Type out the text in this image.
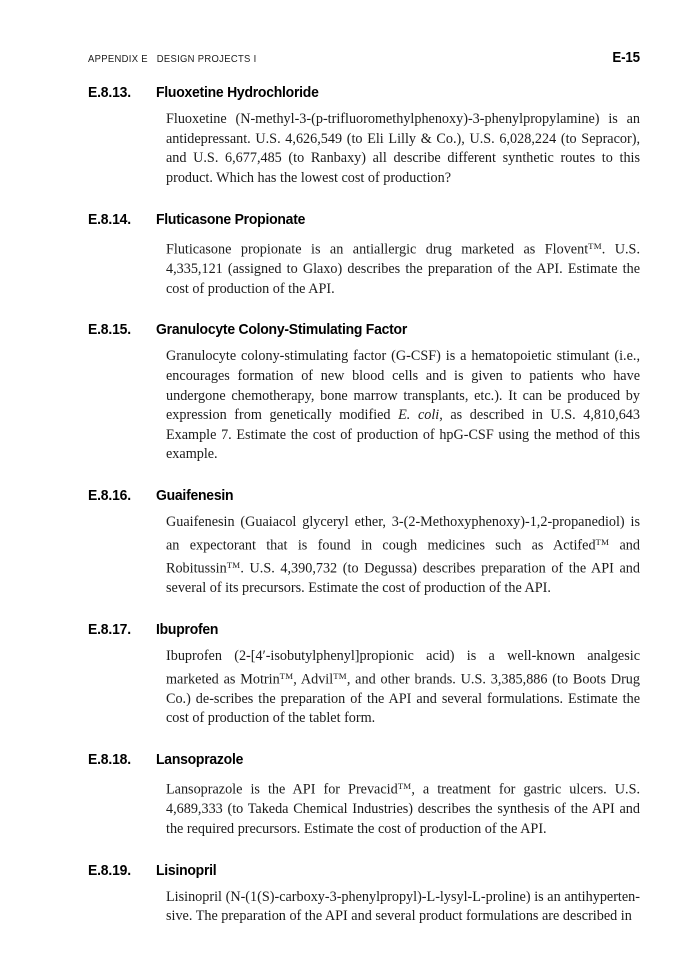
APPENDIX E   DESIGN PROJECTS I	E-15
E.8.13.	Fluoxetine Hydrochloride

Fluoxetine (N-methyl-3-(p-trifluoromethylphenoxy)-3-phenylpropylamine) is an antidepressant. U.S. 4,626,549 (to Eli Lilly & Co.), U.S. 6,028,224 (to Sepracor), and U.S. 6,677,485 (to Ranbaxy) all describe different synthetic routes to this product. Which has the lowest cost of production?

E.8.14.	Fluticasone Propionate

Fluticasone propionate is an antiallergic drug marketed as Flovent™. U.S. 4,335,121 (assigned to Glaxo) describes the preparation of the API. Estimate the cost of production of the API.

E.8.15.	Granulocyte Colony-Stimulating Factor

Granulocyte colony-stimulating factor (G-CSF) is a hematopoietic stimulant (i.e., encourages formation of new blood cells and is given to patients who have undergone chemotherapy, bone marrow transplants, etc.). It can be produced by expression from genetically modified E. coli, as described in U.S. 4,810,643 Example 7. Estimate the cost of production of hpG-CSF using the method of this example.

E.8.16.	Guaifenesin

Guaifenesin (Guaiacol glyceryl ether, 3-(2-Methoxyphenoxy)-1,2-propanediol) is an expectorant that is found in cough medicines such as Actifed™ and Robitussin™. U.S. 4,390,732 (to Degussa) describes preparation of the API and several of its precursors. Estimate the cost of production of the API.

E.8.17.	Ibuprofen

Ibuprofen (2-[4′-isobutylphenyl]propionic acid) is a well-known analgesic marketed as Motrin™, Advil™, and other brands. U.S. 3,385,886 (to Boots Drug Co.) de-scribes the preparation of the API and several formulations. Estimate the cost of production of the tablet form.

E.8.18.	Lansoprazole

Lansoprazole is the API for Prevacid™, a treatment for gastric ulcers. U.S. 4,689,333 (to Takeda Chemical Industries) describes the synthesis of the API and the required precursors. Estimate the cost of production of the API.

E.8.19.	Lisinopril

Lisinopril (N-(1(S)-carboxy-3-phenylpropyl)-L-lysyl-L-proline) is an antihyperten-sive. The preparation of the API and several product formulations are described in
